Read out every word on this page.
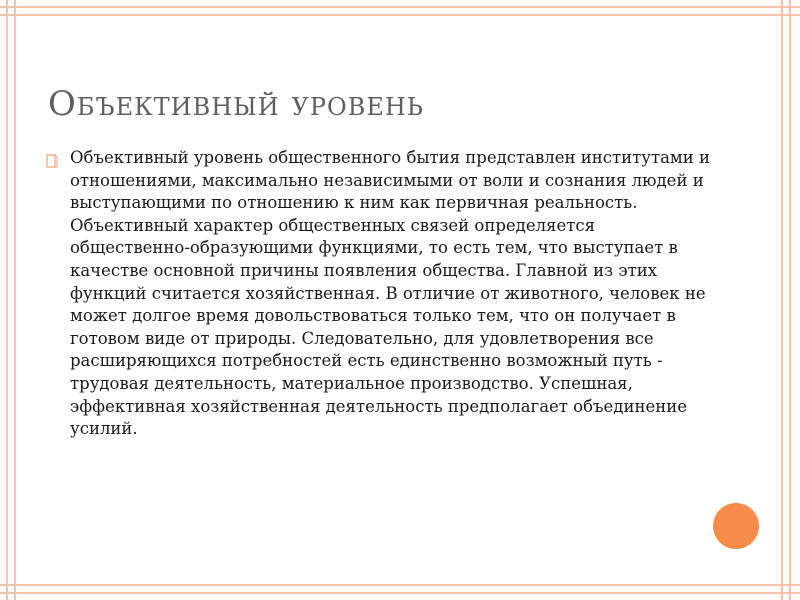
Объективный уровень

Объективный уровень общественного бытия представлен институтами и отношениями, максимально независимыми от воли и сознания людей и выступающими по отношению к ним как первичная реальность. Объективный характер общественных связей определяется общественно-образующими функциями, то есть тем, что выступает в качестве основной причины появления общества. Главной из этих функций считается хозяйственная. В отличие от животного, человек не может долгое время довольствоваться только тем, что он получает в готовом виде от природы. Следовательно, для удовлетворения все расширяющихся потребностей есть единственно возможный путь - трудовая деятельность, материальное производство. Успешная, эффективная хозяйственная деятельность предполагает объединение усилий.
